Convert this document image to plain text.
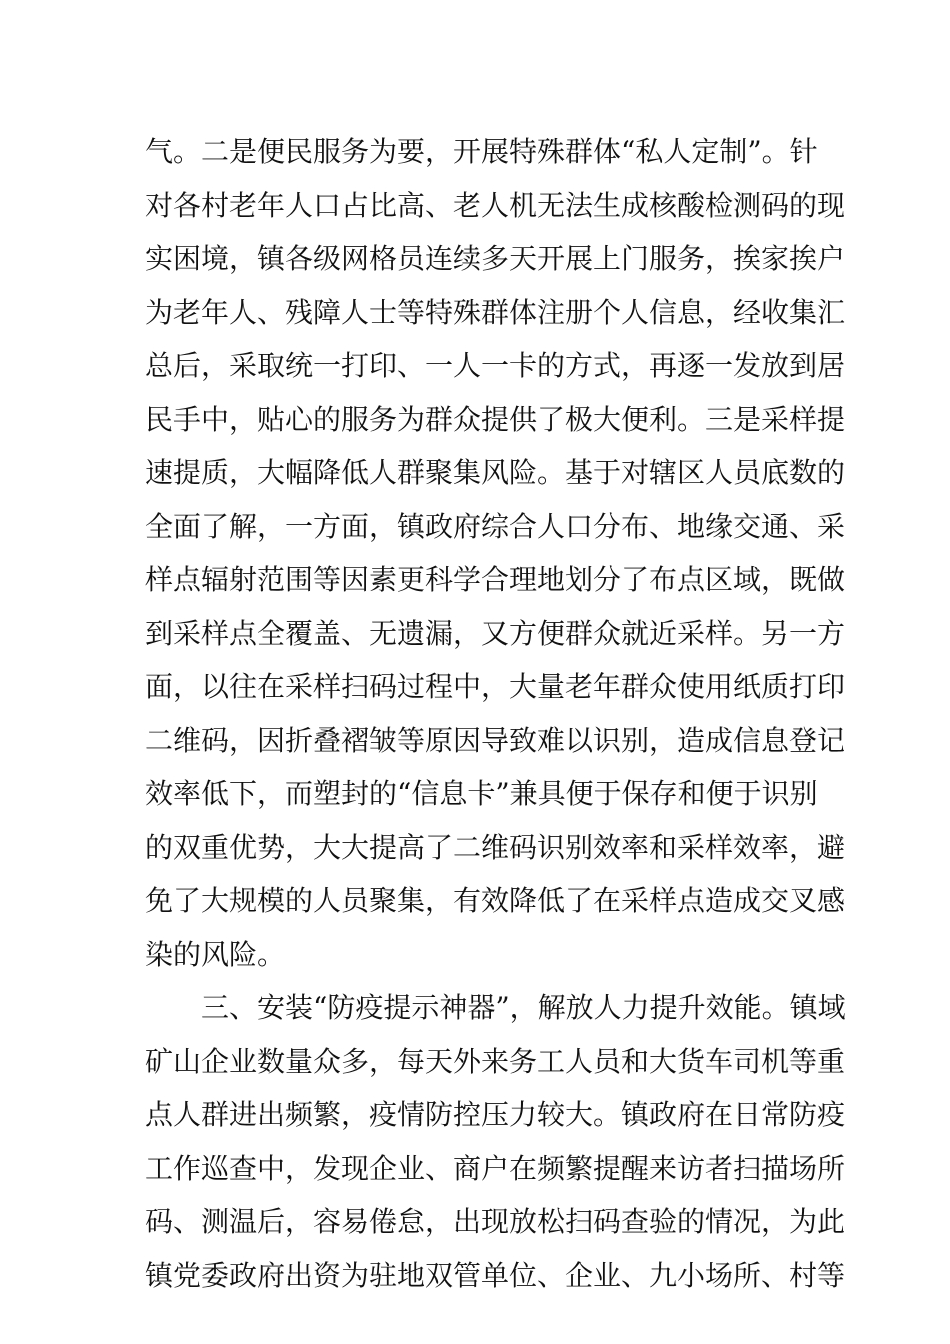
气。二是便民服务为要，开展特殊群体“私人定制”。针
对各村老年人口占比高、老人机无法生成核酸检测码的现
实困境，镇各级网格员连续多天开展上门服务，挨家挨户
为老年人、残障人士等特殊群体注册个人信息，经收集汇
总后，采取统一打印、一人一卡的方式，再逐一发放到居
民手中，贴心的服务为群众提供了极大便利。三是采样提
速提质，大幅降低人群聚集风险。基于对辖区人员底数的
全面了解，一方面，镇政府综合人口分布、地缘交通、采
样点辐射范围等因素更科学合理地划分了布点区域，既做
到采样点全覆盖、无遗漏，又方便群众就近采样。另一方
面，以往在采样扫码过程中，大量老年群众使用纸质打印
二维码，因折叠褶皱等原因导致难以识别，造成信息登记
效率低下，而塑封的“信息卡”兼具便于保存和便于识别
的双重优势，大大提高了二维码识别效率和采样效率，避
免了大规模的人员聚集，有效降低了在采样点造成交叉感
染的风险。
三、安装“防疫提示神器”，解放人力提升效能。镇域
矿山企业数量众多，每天外来务工人员和大货车司机等重
点人群进出频繁，疫情防控压力较大。镇政府在日常防疫
工作巡查中，发现企业、商户在频繁提醒来访者扫描场所
码、测温后，容易倦怠，出现放松扫码查验的情况，为此
镇党委政府出资为驻地双管单位、企业、九小场所、村等
